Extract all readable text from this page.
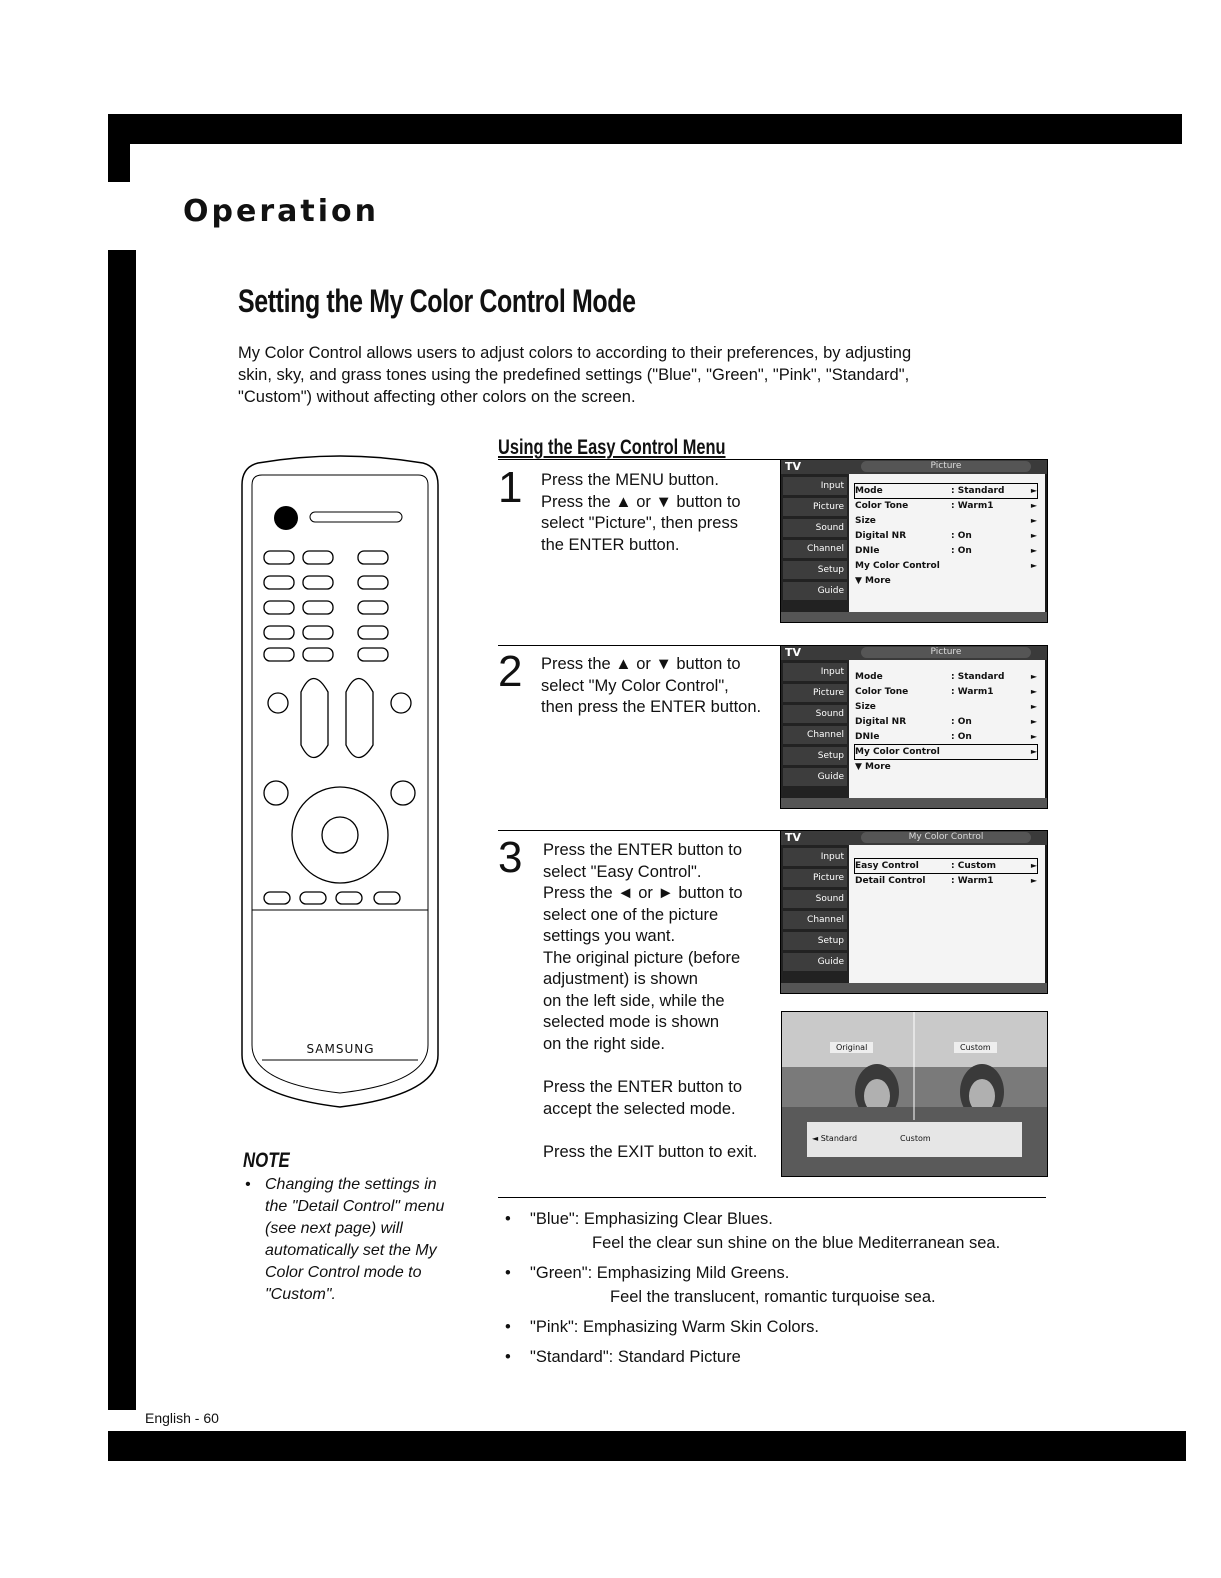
Operation
Setting the My Color Control Mode
My Color Control allows users to adjust colors to according to their preferences, by adjusting
skin, sky, and grass tones using the predefined settings ("Blue", "Green", "Pink", "Standard",
"Custom") without affecting other colors on the screen.
Using the Easy Control Menu
SAMSUNG
1 Press the MENU button.

Press the ▲ or ▼ button to

select "Picture", then press

the ENTER button.

TV	Picture
Input
Picture
Sound
Channel
Setup
Guide
Mode	: Standard	►
Color Tone	: Warm1	►
Size	►
Digital NR	: On	►
DNIe	: On	►
My Color Control	►
▼ More
2 Press the ▲ or ▼ button to

select "My Color Control",

then press the ENTER button.

TV	Picture
Input
Picture
Sound
Channel
Setup
Guide
Mode	: Standard	►
Color Tone	: Warm1	►
Size	►
Digital NR	: On	►
DNIe	: On	►
My Color Control	►
▼ More
3 Press the ENTER button to

select "Easy Control".

Press the ◄ or ► button to

select one of the picture

settings you want.

The original picture (before

adjustment) is shown

on the left side, while the

selected mode is shown

on the right side.

Press the ENTER button to

accept the selected mode.

Press the EXIT button to exit.

TV	My Color Control
Input
Picture
Sound
Channel
Setup
Guide
Easy Control	: Custom	►
Detail Control	: Warm1	►
Original	Custom
◄ Standard	Custom
• "Blue": Emphasizing Clear Blues.
Feel the clear sun shine on the blue Mediterranean sea.
• "Green": Emphasizing Mild Greens.
Feel the translucent, romantic turquoise sea.
• "Pink": Emphasizing Warm Skin Colors.
• "Standard": Standard Picture
NOTE
• Changing the settings in the "Detail Control" menu (see next page) will automatically set the My Color Control mode to "Custom".
English - 60
